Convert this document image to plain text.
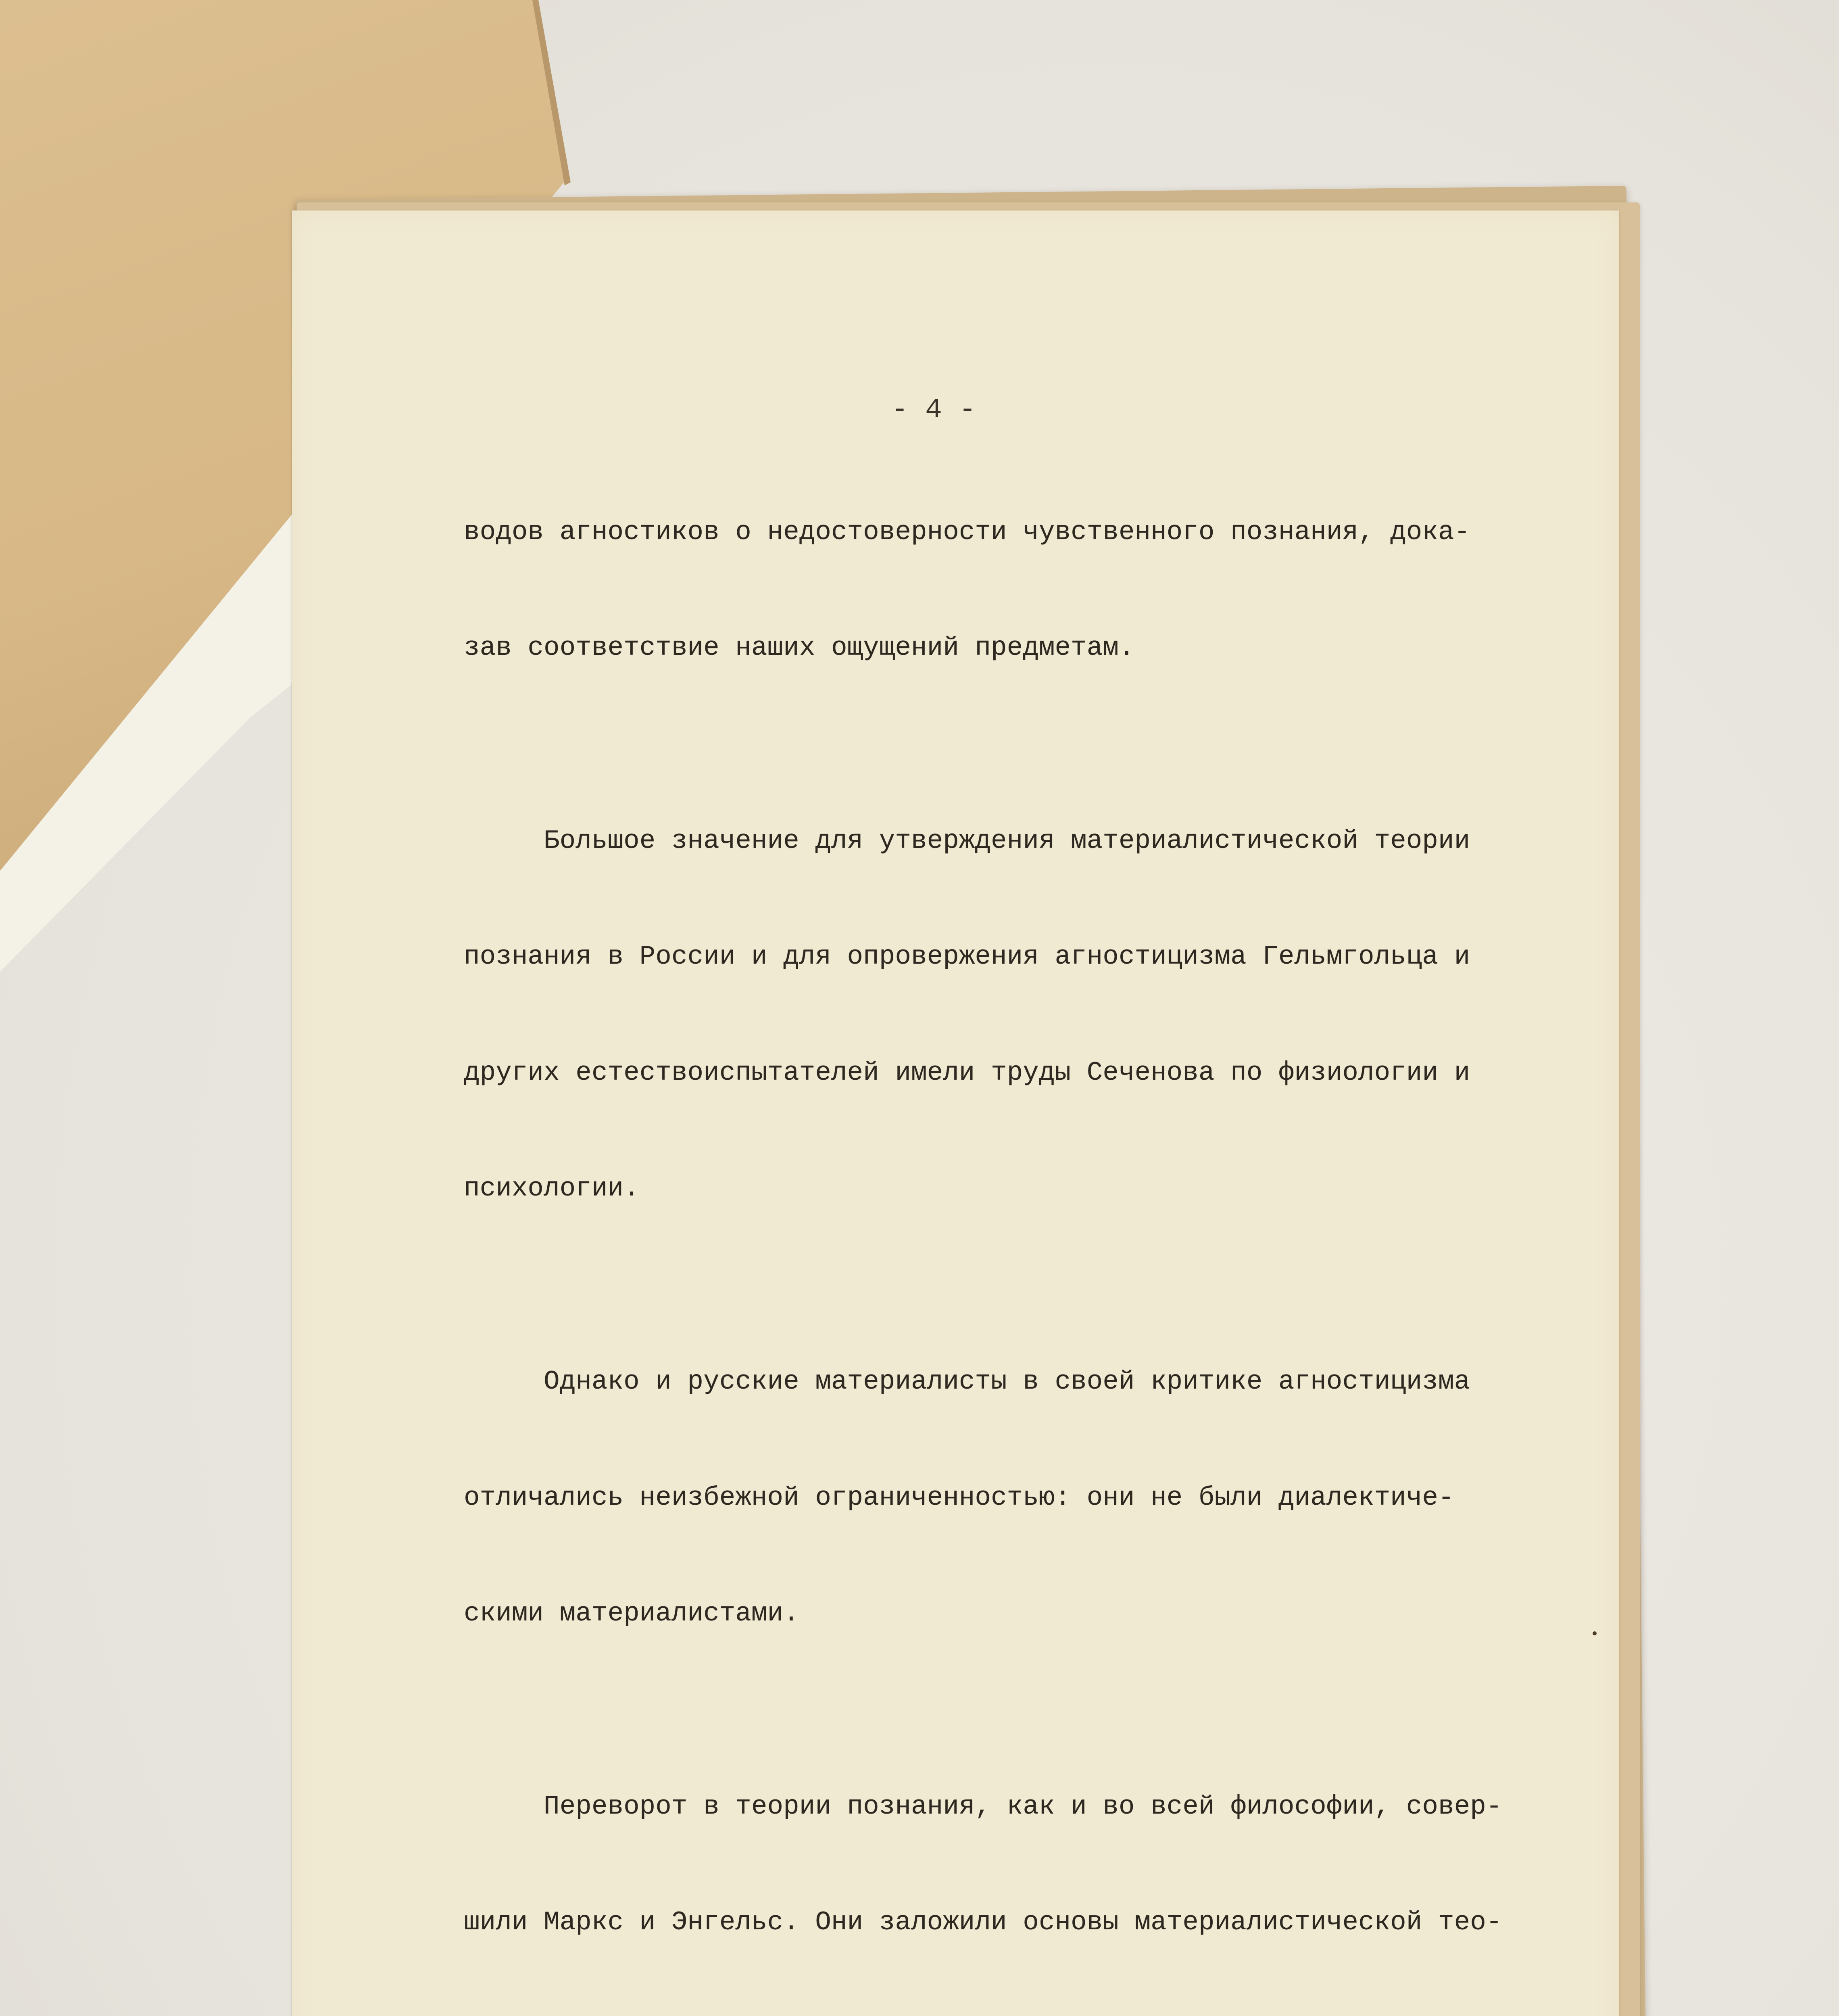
- 4 -

водов агностиков о недостоверности чувственного познания, дока-

зав соответствие наших ощущений предметам.

Большое значение для утверждения материалистической теории

познания в России и для опровержения агностицизма Гельмгольца и

других естествоиспытателей имели труды Сеченова по физиологии и

психологии.

Однако и русские материалисты в своей критике агностицизма

отличались неизбежной ограниченностью: они не были диалектиче-

скими материалистами.

Переворот в теории познания, как и во всей философии, совер-

шили Маркс и Энгельс. Они заложили основы материалистической тео-
